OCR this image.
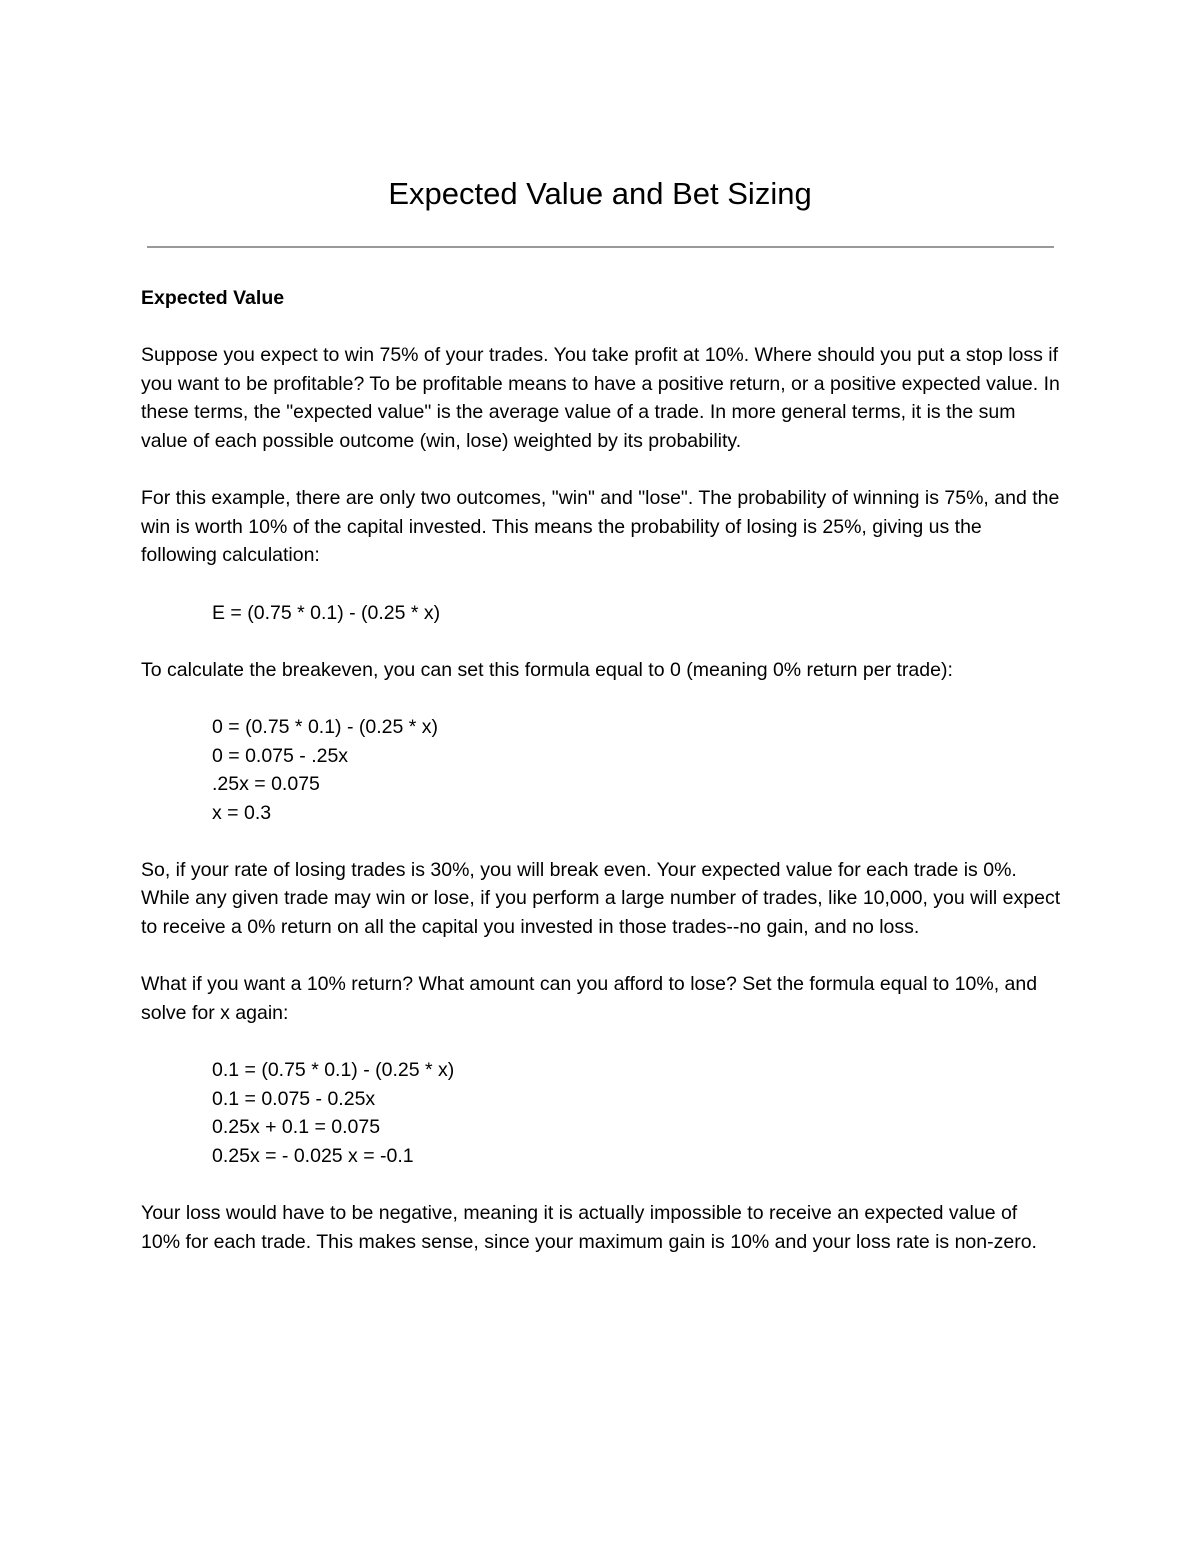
Expected Value and Bet Sizing
Expected Value

Suppose you expect to win 75% of your trades. You take profit at 10%. Where should you put a stop loss if you want to be profitable? To be profitable means to have a positive return, or a positive expected value. In these terms, the "expected value" is the average value of a trade. In more general terms, it is the sum value of each possible outcome (win, lose) weighted by its probability.

For this example, there are only two outcomes, "win" and "lose". The probability of winning is 75%, and the win is worth 10% of the capital invested. This means the probability of losing is 25%, giving us the following calculation:

E = (0.75 * 0.1) - (0.25 * x)

To calculate the breakeven, you can set this formula equal to 0 (meaning 0% return per trade):

0 = (0.75 * 0.1) - (0.25 * x)
0 = 0.075 - .25x
.25x = 0.075
x = 0.3

So, if your rate of losing trades is 30%, you will break even. Your expected value for each trade is 0%. While any given trade may win or lose, if you perform a large number of trades, like 10,000, you will expect to receive a 0% return on all the capital you invested in those trades--no gain, and no loss.

What if you want a 10% return? What amount can you afford to lose? Set the formula equal to 10%, and solve for x again:

0.1 = (0.75 * 0.1) - (0.25 * x)
0.1 = 0.075 - 0.25x
0.25x + 0.1 = 0.075
0.25x = - 0.025 x = -0.1

Your loss would have to be negative, meaning it is actually impossible to receive an expected value of 10% for each trade. This makes sense, since your maximum gain is 10% and your loss rate is non-zero.
